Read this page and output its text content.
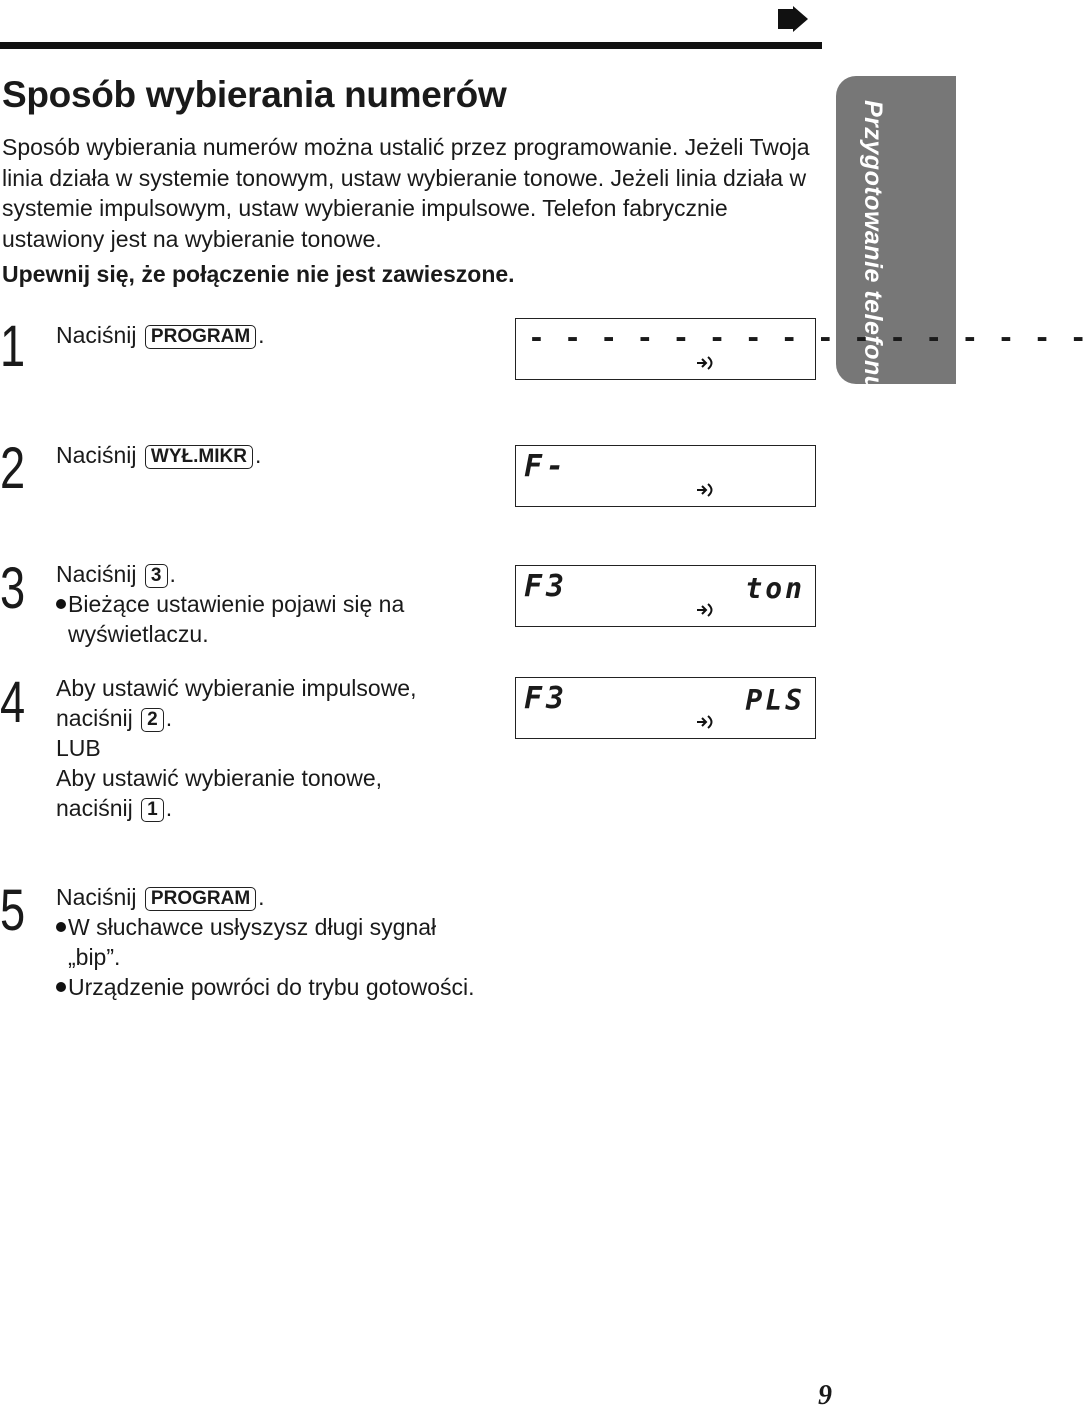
Sposób wybierania numerów

Sposób wybierania numerów można ustalić przez programowanie. Jeżeli Twoja linia działa w systemie tonowym, ustaw wybieranie tonowe. Jeżeli linia działa w systemie impulsowym, ustaw wybieranie impulsowe. Telefon fabrycznie ustawiony jest na wybieranie tonowe.

Upewnij się, że połączenie nie jest zawieszone.	Przygotowanie telefonu
1 Naciśnij PROGRAM .	- - - - - - - - - - - - - - - -
2 Naciśnij WYŁ.MIKR .	F-
3 Naciśnij 3 .

Bieżące ustawienie pojawi się na

wyświetlaczu.

F3	ton
4 Aby ustawić wybieranie impulsowe,

naciśnij 2 .

LUB

Aby ustawić wybieranie tonowe,

naciśnij 1 .

F3	PLS
5 Naciśnij PROGRAM .

W słuchawce usłyszysz długi sygnał

„bip”.

Urządzenie powróci do trybu gotowości.

9
